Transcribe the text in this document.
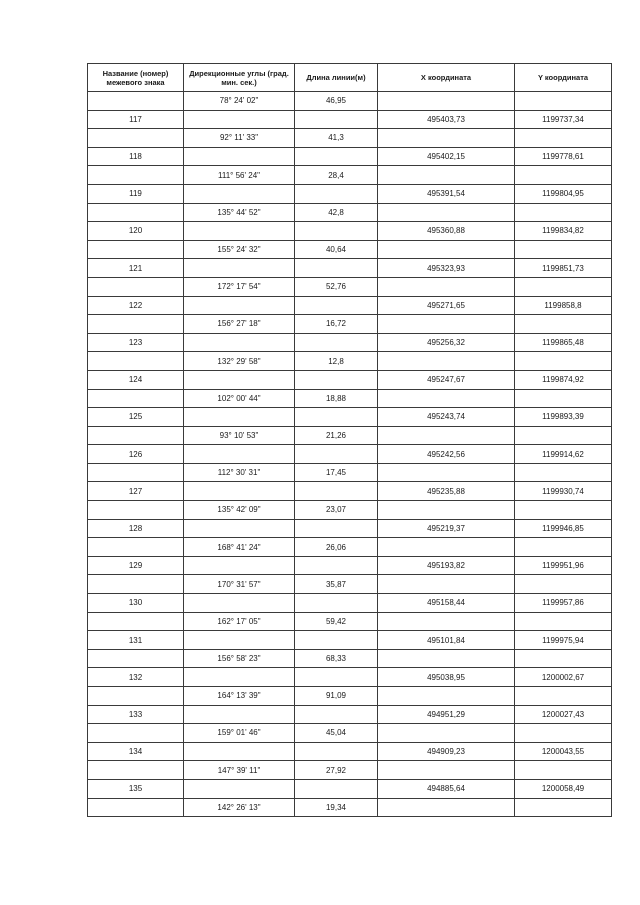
Название (номер) межевого знака	Дирекционные углы (град. мин. сек.)	Длина линии(м)	X координата	Y координата
	78° 24' 02"	46,95		
117			495403,73	1199737,34
	92° 11' 33"	41,3		
118			495402,15	1199778,61
	111° 56' 24"	28,4		
119			495391,54	1199804,95
	135° 44' 52"	42,8		
120			495360,88	1199834,82
	155° 24' 32"	40,64		
121			495323,93	1199851,73
	172° 17' 54"	52,76		
122			495271,65	1199858,8
	156° 27' 18"	16,72		
123			495256,32	1199865,48
	132° 29' 58"	12,8		
124			495247,67	1199874,92
	102° 00' 44"	18,88		
125			495243,74	1199893,39
	93° 10' 53"	21,26		
126			495242,56	1199914,62
	112° 30' 31"	17,45		
127			495235,88	1199930,74
	135° 42' 09"	23,07		
128			495219,37	1199946,85
	168° 41' 24"	26,06		
129			495193,82	1199951,96
	170° 31' 57"	35,87		
130			495158,44	1199957,86
	162° 17' 05"	59,42		
131			495101,84	1199975,94
	156° 58' 23"	68,33		
132			495038,95	1200002,67
	164° 13' 39"	91,09		
133			494951,29	1200027,43
	159° 01' 46"	45,04		
134			494909,23	1200043,55
	147° 39' 11"	27,92		
135			494885,64	1200058,49
	142° 26' 13"	19,34		
